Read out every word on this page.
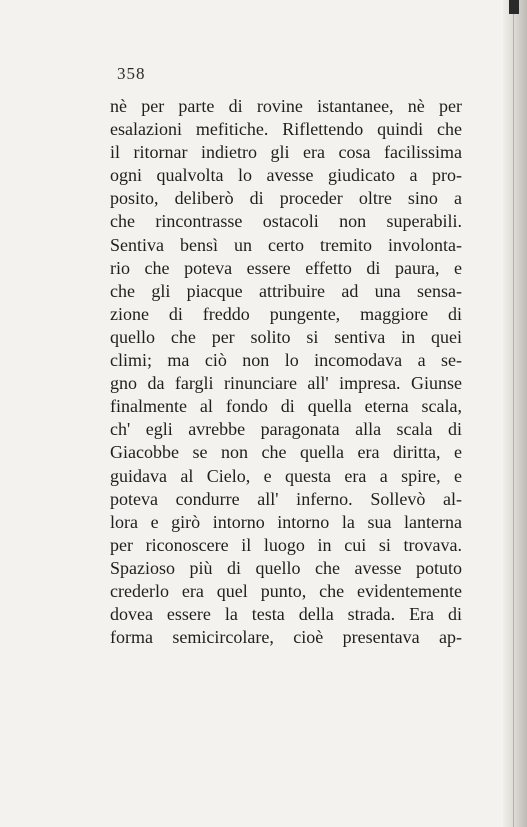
358
nè per parte di rovine istantanee, nè per
esalazioni mefitiche. Riflettendo quindi che
il ritornar indietro gli era cosa facilissima
ogni qualvolta lo avesse giudicato a pro-
posito, deliberò di proceder oltre sino a
che rincontrasse ostacoli non superabili.
Sentiva bensì un certo tremito involonta-
rio che poteva essere effetto di paura, e
che gli piacque attribuire ad una sensa-
zione di freddo pungente, maggiore di
quello che per solito si sentiva in quei
climi; ma ciò non lo incomodava a se-
gno da fargli rinunciare all' impresa. Giunse
finalmente al fondo di quella eterna scala,
ch' egli avrebbe paragonata alla scala di
Giacobbe se non che quella era diritta, e
guidava al Cielo, e questa era a spire, e
poteva condurre all' inferno. Sollevò al-
lora e girò intorno intorno la sua lanterna
per riconoscere il luogo in cui si trovava.
Spazioso più di quello che avesse potuto
crederlo era quel punto, che evidentemente
dovea essere la testa della strada. Era di
forma semicircolare, cioè presentava ap-
